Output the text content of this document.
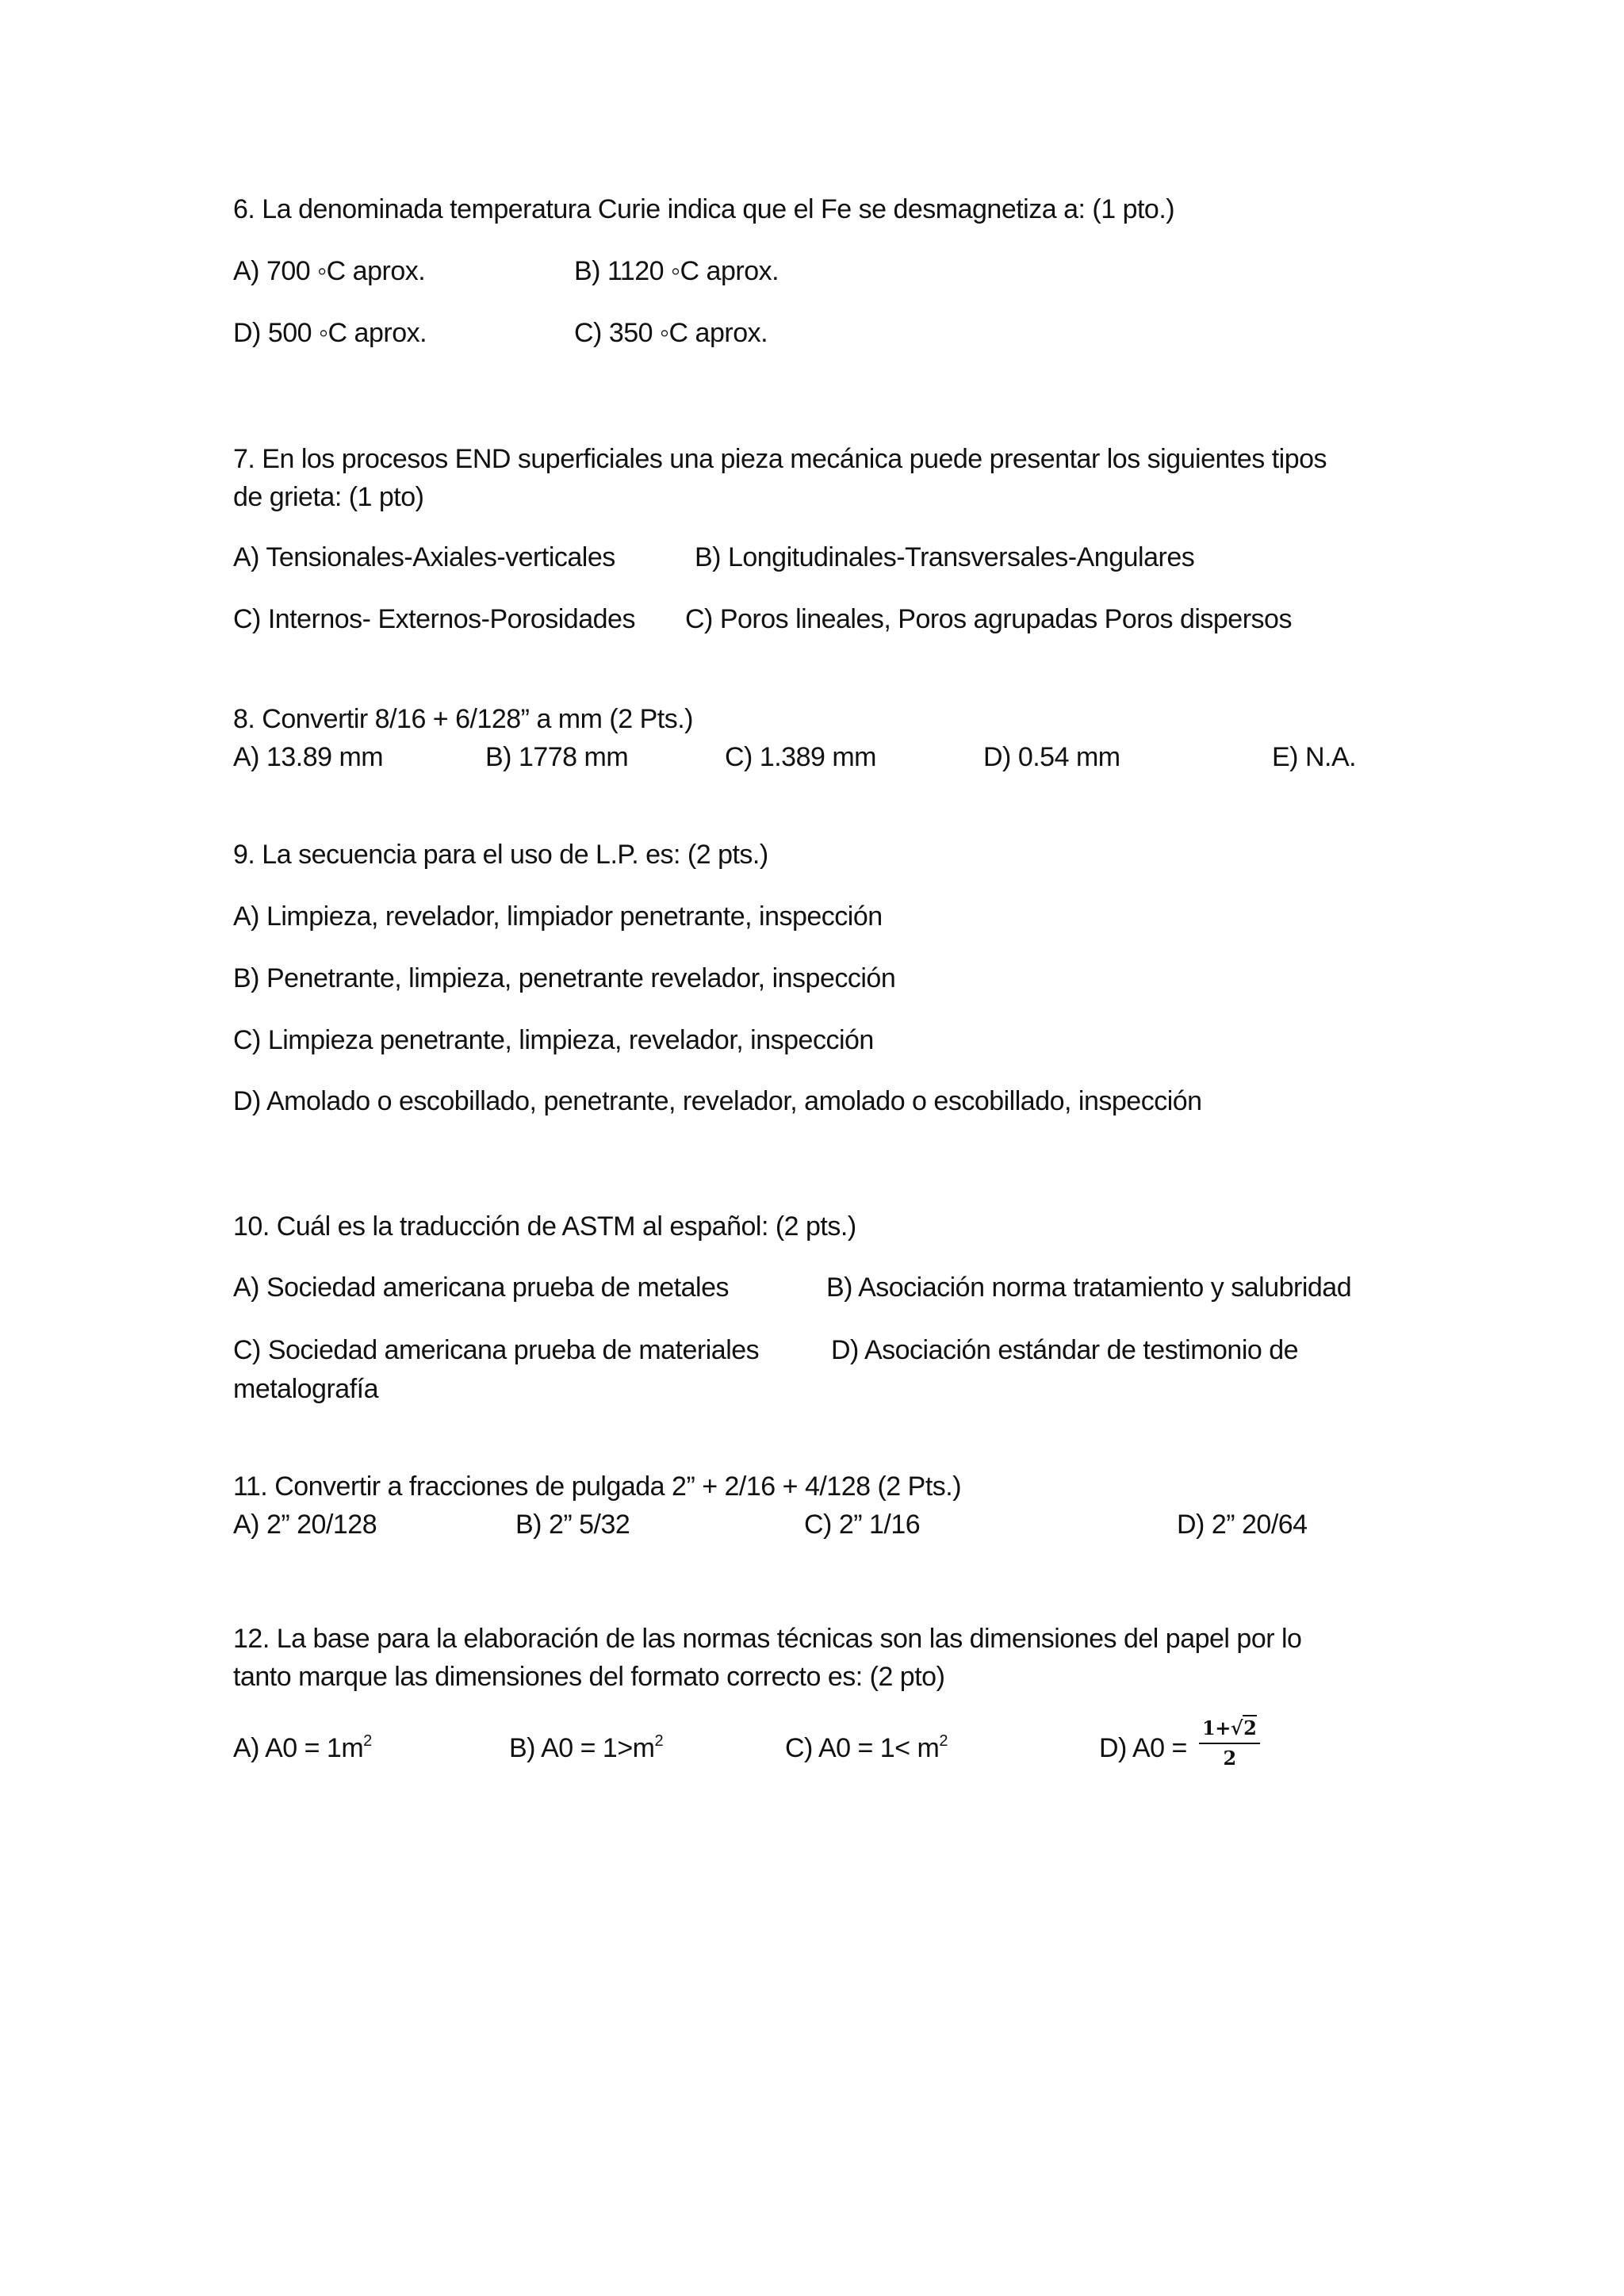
6. La denominada temperatura Curie indica que el Fe se desmagnetiza a: (1 pto.)
A) 700 ◦C aprox.	B) 1120 ◦C aprox.
D) 500 ◦C aprox.	C) 350 ◦C aprox.
7. En los procesos END superficiales una pieza mecánica puede presentar los siguientes tipos
de grieta: (1 pto)
A) Tensionales-Axiales-verticales	B) Longitudinales-Transversales-Angulares
C) Internos- Externos-Porosidades C) Poros lineales, Poros agrupadas Poros dispersos
8. Convertir 8/16 + 6/128” a mm (2 Pts.)
A) 13.89 mm	B) 1778 mm	C) 1.389 mm	D) 0.54 mm	E) N.A.
9. La secuencia para el uso de L.P. es: (2 pts.)
A) Limpieza, revelador, limpiador penetrante, inspección
B) Penetrante, limpieza, penetrante revelador, inspección
C) Limpieza penetrante, limpieza, revelador, inspección
D) Amolado o escobillado, penetrante, revelador, amolado o escobillado, inspección
10. Cuál es la traducción de ASTM al español: (2 pts.)
A) Sociedad americana prueba de metales	B) Asociación norma tratamiento y salubridad
C) Sociedad americana prueba de materiales	D) Asociación estándar de testimonio de
metalografía
11. Convertir a fracciones de pulgada 2” + 2/16 + 4/128 (2 Pts.)
A) 2” 20/128	B) 2” 5/32	C) 2” 1/16	D) 2” 20/64
12. La base para la elaboración de las normas técnicas son las dimensiones del papel por lo
tanto marque las dimensiones del formato correcto es: (2 pto)
A) $A0 = 1m^2$	B) $A0 = 1>m^2$	C) $A0 = 1< m^2$	D) $A0 = \frac{1+√2}{2}$
